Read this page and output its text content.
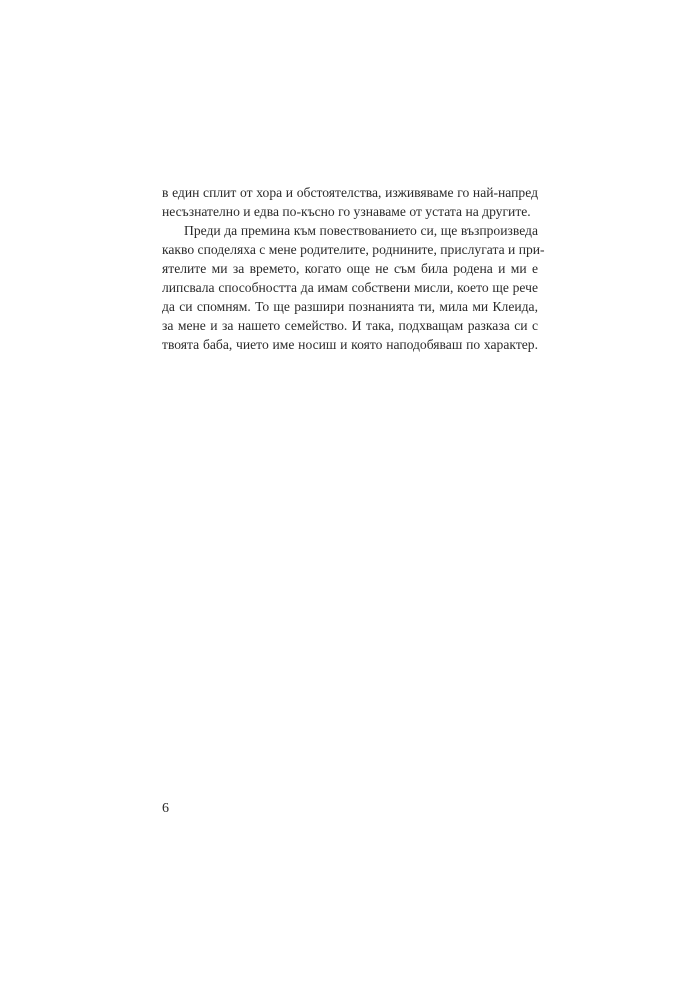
в един сплит от хора и обстоятелства, изживяваме го най-напред
несъзнателно и едва по-късно го узнаваме от устата на другите.
Преди да премина към повествованието си, ще възпроизведа
какво споделяха с мене родителите, роднините, прислугата и при-
ятелите ми за времето, когато още не съм била родена и ми е
липсвала способността да имам собствени мисли, което ще рече
да си спомням. То ще разшири познанията ти, мила ми Клеида,
за мене и за нашето семейство. И така, подхващам разказа си с
твоята баба, чието име носиш и която наподобяваш по характер.
6
